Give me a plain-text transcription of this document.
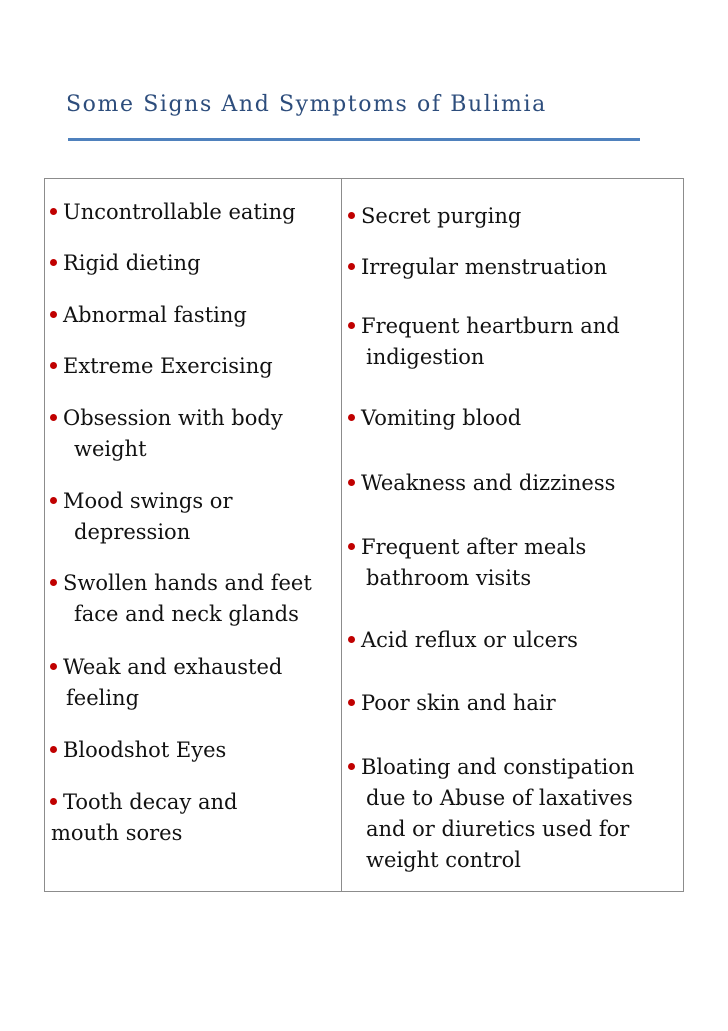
Some Signs And Symptoms of Bulimia
Uncontrollable eating
Rigid dieting
Abnormal fasting
Extreme Exercising
Obsession with body
weight
Mood swings or
depression
Swollen hands and feet
face and neck glands
Weak and exhausted
feeling
Bloodshot Eyes
Tooth decay and
mouth sores
Secret purging
Irregular menstruation
Frequent heartburn and
indigestion
Vomiting blood
Weakness and dizziness
Frequent after meals
bathroom visits
Acid reflux or ulcers
Poor skin and hair
Bloating and constipation
due to Abuse of laxatives
and or diuretics used for
weight control
